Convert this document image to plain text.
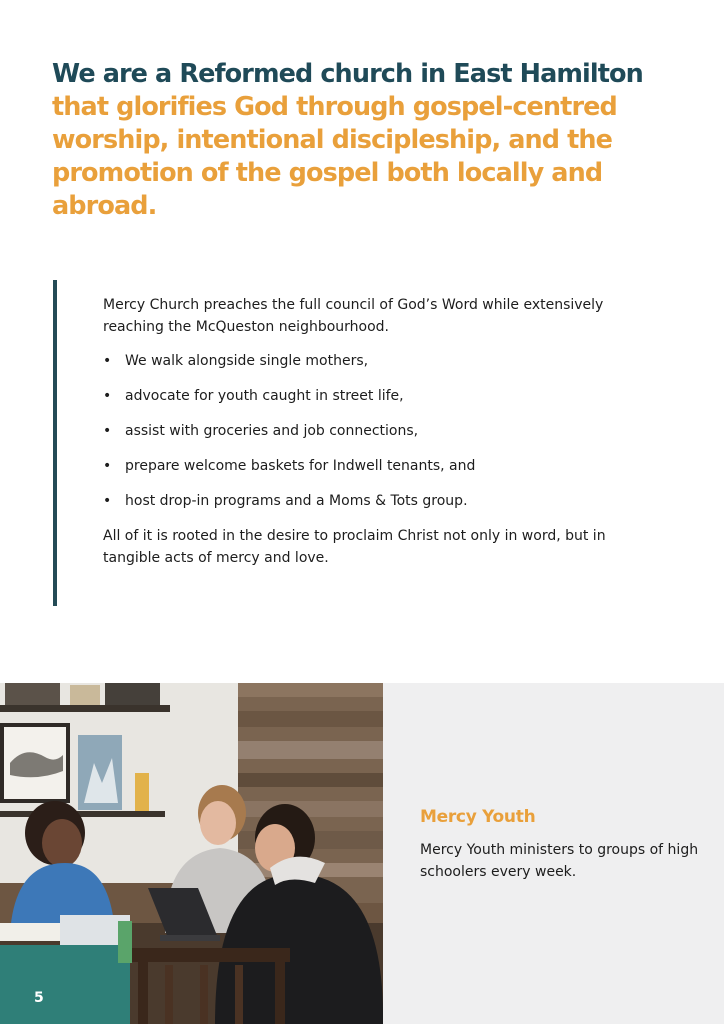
We are a Reformed church in East Hamilton
that glorifies God through gospel-centred worship, intentional discipleship, and the promotion of the gospel both locally and abroad.

Mercy Church preaches the full council of God’s Word while extensively reaching the McQueston neighbourhood.

• We walk alongside single mothers,
• advocate for youth caught in street life,
• assist with groceries and job connections,
• prepare welcome baskets for Indwell tenants, and
• host drop-in programs and a Moms & Tots group.

All of it is rooted in the desire to proclaim Christ not only in word, but in tangible acts of mercy and love.

Mercy Youth

Mercy Youth ministers to groups of high schoolers every week.

5
